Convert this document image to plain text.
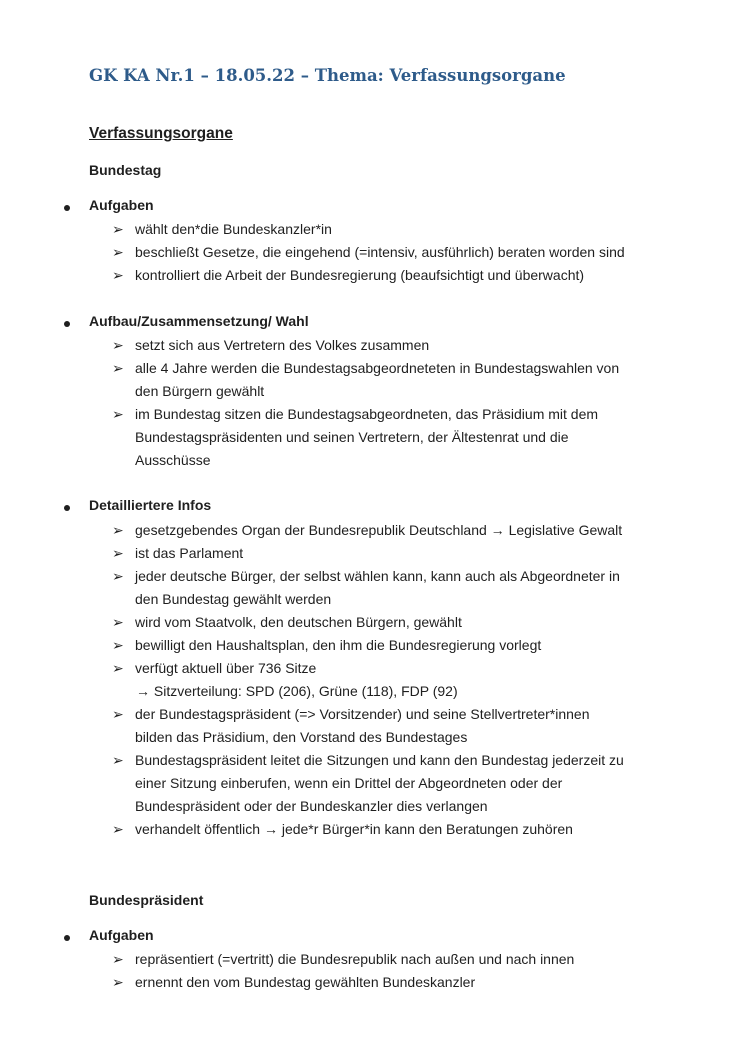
GK KA Nr.1 – 18.05.22 – Thema: Verfassungsorgane
Verfassungsorgane
Bundestag
Aufgaben
➢ wählt den*die Bundeskanzler*in
➢ beschließt Gesetze, die eingehend (=intensiv, ausführlich) beraten worden sind
➢ kontrolliert die Arbeit der Bundesregierung (beaufsichtigt und überwacht)
Aufbau/Zusammensetzung/ Wahl
➢ setzt sich aus Vertretern des Volkes zusammen
➢ alle 4 Jahre werden die Bundestagsabgeordneteten in Bundestagswahlen von
den Bürgern gewählt
➢ im Bundestag sitzen die Bundestagsabgeordneten, das Präsidium mit dem
Bundestagspräsidenten und seinen Vertretern, der Ältestenrat und die
Ausschüsse
Detailliertere Infos
➢ gesetzgebendes Organ der Bundesrepublik Deutschland → Legislative Gewalt
➢ ist das Parlament
➢ jeder deutsche Bürger, der selbst wählen kann, kann auch als Abgeordneter in
den Bundestag gewählt werden
➢ wird vom Staatvolk, den deutschen Bürgern, gewählt
➢ bewilligt den Haushaltsplan, den ihm die Bundesregierung vorlegt
➢ verfügt aktuell über 736 Sitze
→ Sitzverteilung: SPD (206), Grüne (118), FDP (92)
➢ der Bundestagspräsident (=> Vorsitzender) und seine Stellvertreter*innen
bilden das Präsidium, den Vorstand des Bundestages
➢ Bundestagspräsident leitet die Sitzungen und kann den Bundestag jederzeit zu
einer Sitzung einberufen, wenn ein Drittel der Abgeordneten oder der
Bundespräsident oder der Bundeskanzler dies verlangen
➢ verhandelt öffentlich → jede*r Bürger*in kann den Beratungen zuhören
Bundespräsident
Aufgaben
➢ repräsentiert (=vertritt) die Bundesrepublik nach außen und nach innen
➢ ernennt den vom Bundestag gewählten Bundeskanzler
